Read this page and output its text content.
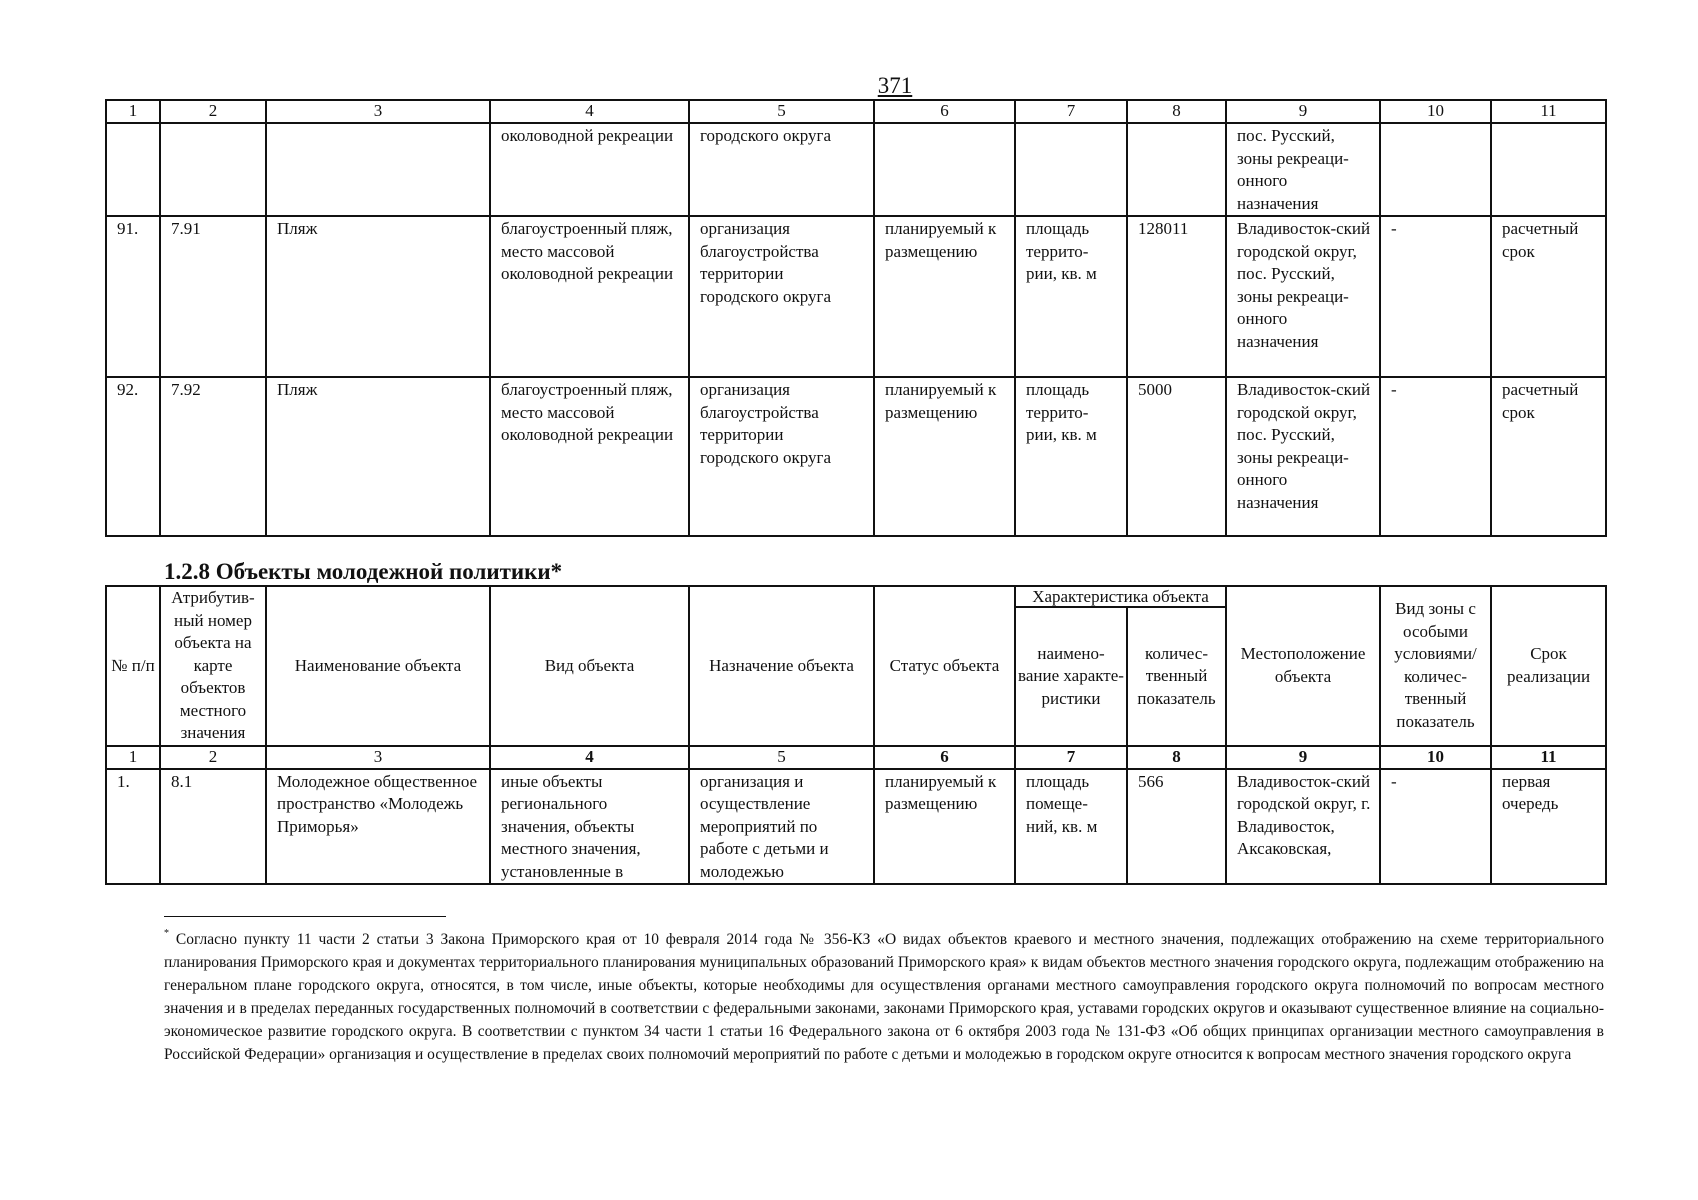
371
1	2	3	4	5	6	7	8	9	10	11
			околоводной рекреации	городского округа				пос. Русский, зоны рекреаци-онного назначения		
91.	7.91	Пляж	благоустроенный пляж, место массовой околоводной рекреации	организация благоустройства территории городского округа	планируемый к размещению	площадь террито-рии, кв. м	128011	Владивосток-ский городской округ, пос. Русский, зоны рекреаци-онного назначения	-	расчетный срок
92.	7.92	Пляж	благоустроенный пляж, место массовой околоводной рекреации	организация благоустройства территории городского округа	планируемый к размещению	площадь террито-рии, кв. м	5000	Владивосток-ский городской округ, пос. Русский, зоны рекреаци-онного назначения	-	расчетный срок
1.2.8 Объекты молодежной политики*
№ п/п	Атрибутив-ный номер объекта на карте объектов местного значения	Наименование объекта	Вид объекта	Назначение объекта	Статус объекта	Характеристика объекта		Местоположение объекта	Вид зоны с особыми условиями/ количес-твенный показатель	Срок реализации
						наимено-вание характе-ристики	количес-твенный показатель			
1	2	3	4	5	6	7	8	9	10	11
1.	8.1	Молодежное общественное пространство «Молодежь Приморья»	иные объекты регионального значения, объекты местного значения, установленные в	организация и осуществление мероприятий по работе с детьми и молодежью	планируемый к размещению	площадь помеще-ний, кв. м	566	Владивосток-ский городской округ, г. Владивосток, Аксаковская,	-	первая очередь

* Согласно пункту 11 части 2 статьи 3 Закона Приморского края от 10 февраля 2014 года № 356-КЗ «О видах объектов краевого и местного значения, подлежащих отображению на схеме территориального планирования Приморского края и документах территориального планирования муниципальных образований Приморского края» к видам объектов местного значения городского округа, подлежащим отображению на генеральном плане городского округа, относятся, в том числе, иные объекты, которые необходимы для осуществления органами местного самоуправления городского округа полномочий по вопросам местного значения и в пределах переданных государственных полномочий в соответствии с федеральными законами, законами Приморского края, уставами городских округов и оказывают существенное влияние на социально-экономическое развитие городского округа. В соответствии с пунктом 34 части 1 статьи 16 Федерального закона от 6 октября 2003 года № 131-ФЗ «Об общих принципах организации местного самоуправления в Российской Федерации» организация и осуществление в пределах своих полномочий мероприятий по работе с детьми и молодежью в городском округе относится к вопросам местного значения городского округа
